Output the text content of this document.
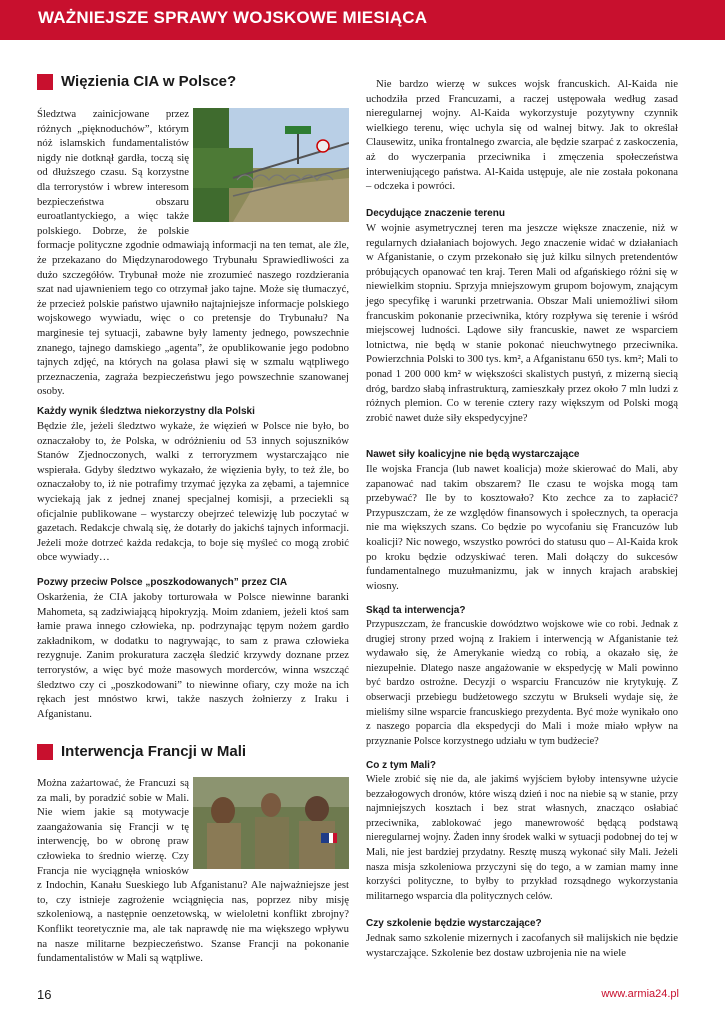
WAŻNIEJSZE SPRAWY WOJSKOWE MIESIĄCA
Więzienia CIA w Polsce?

Śledztwa zainicjowane przez różnych „pięknoduchów”, którym nóż islamskich fundamentalistów nigdy nie dotknął gardła, toczą się od dłuższego czasu. Są korzystne dla terrorystów i wbrew interesom bezpieczeństwa obszaru euroatlantyckiego, a więc także polskiego. Dobrze, że polskie formacje polityczne zgodnie odmawiają informacji na ten temat, ale źle, że przekazano do Międzynarodowego Trybunału Sprawiedliwości za dużo szczegółów. Trybunał może nie zrozumieć naszego rozdzierania szat nad ujawnieniem tego co otrzymał jako tajne. Może się tłumaczyć, że przecież polskie państwo ujawniło najtajniejsze informacje polskiego wojskowego wywiadu, więc o co pretensje do Trybunału? Na marginesie tej sytuacji, zabawne były lamenty jednego, powszechnie znanego, tajnego damskiego „agenta”, że opublikowanie jego podobno tajnych zdjęć, na których na golasa pławi się w szmalu wątpliwego przeznaczenia, zagraża bezpieczeństwu jego powszechnie szanowanej osoby.
Każdy wynik śledztwa niekorzystny dla Polski
Będzie źle, jeżeli śledztwo wykaże, że więzień w Polsce nie było, bo oznaczałoby to, że Polska, w odróżnieniu od 53 innych sojuszników Stanów Zjednoczonych, walki z terroryzmem wystarczająco nie wspierała. Gdyby śledztwo wykazało, że więzienia były, to też źle, bo oznaczałoby to, iż nie potrafimy trzymać języka za zębami, a tajemnice wyciekają jak z jednej znanej specjalnej komisji, a przeciekli są oficjalnie publikowane – wystarczy obejrzeć telewizję lub poczytać w gazetach. Redakcje chwalą się, że dotarły do jakichś tajnych informacji. Jeżeli może dotrzeć każda redakcja, to boje się myśleć co mogą zrobić obce wywiady…
Pozwy przeciw Polsce „poszkodowanych” przez CIA
Oskarżenia, że CIA jakoby torturowała w Polsce niewinne baranki Mahometa, są zadziwiającą hipokryzją. Moim zdaniem, jeżeli ktoś sam łamie prawa innego człowieka, np. podrzynając tępym nożem gardło zakładnikom, w dodatku to nagrywając, to sam z prawa człowieka rezygnuje. Zanim prokuratura zaczęła śledzić krzywdy doznane przez terrorystów, a więc być może masowych morderców, winna wszcząć śledztwo czy ci „poszkodowani” to niewinne ofiary, czy może na ich rękach jest mnóstwo krwi, także naszych żołnierzy z Iraku i Afganistanu.
Interwencja Francji w Mali
Można zażartować, że Francuzi są za mali, by poradzić sobie w Mali. Nie wiem jakie są motywacje zaangażowania się Francji w tę interwencję, bo w obronę praw człowieka to średnio wierzę. Czy Francja nie wyciągnęła wniosków z Indochin, Kanału Sueskiego lub Afganistanu? Ale najważniejsze jest to, czy istnieje zagrożenie wciągnięcia nas, poprzez niby misję szkoleniową, a następnie oenzetowską, w wieloletni konflikt zbrojny? Konflikt teoretycznie ma, ale tak naprawdę nie ma większego wpływu na nasze militarne bezpieczeństwo. Szanse Francji na pokonanie fundamentalistów w Mali są wątpliwe.
Nie bardzo wierzę w sukces wojsk francuskich. Al-Kaida nie uchodziła przed Francuzami, a raczej ustępowała według zasad nieregularnej wojny. Al-Kaida wykorzystuje pozytywny czynnik wielkiego terenu, więc uchyla się od walnej bitwy. Jak to określał Clausewitz, unika frontalnego zwarcia, ale będzie szarpać z zaskoczenia, aż do wyczerpania przeciwnika i zmęczenia społeczeństwa interweniującego państwa. Al-Kaida ustępuje, ale nie została pokonana – odczeka i powróci.
Decydujące znaczenie terenu
W wojnie asymetrycznej teren ma jeszcze większe znaczenie, niż w regularnych działaniach bojowych. Jego znaczenie widać w działaniach w Afganistanie, o czym przekonało się już kilku silnych pretendentów próbujących opanować ten kraj. Teren Mali od afgańskiego różni się w niewielkim stopniu. Sprzyja mniejszowym grupom bojowym, znającym jego specyfikę i warunki przetrwania. Obszar Mali uniemożliwi siłom francuskim pokonanie przeciwnika, który rozpływa się terenie i wśród miejscowej ludności. Lądowe siły francuskie, nawet ze wsparciem lotnictwa, nie będą w stanie pokonać nieuchwytnego przeciwnika. Powierzchnia Polski to 300 tys. km², a Afganistanu 650 tys. km²; Mali to ponad 1 200 000 km² w większości skalistych pustyń, z mizerną siecią dróg, bardzo słabą infrastrukturą, zamieszkały przez około 7 mln ludzi z różnych plemion. Co w terenie cztery razy większym od Polski mogą zrobić nawet duże siły ekspedycyjne?
Nawet siły koalicyjne nie będą wystarczające
Ile wojska Francja (lub nawet koalicja) może skierować do Mali, aby zapanować nad takim obszarem? Ile czasu te wojska mogą tam przebywać? Ile by to kosztowało? Kto zechce za to zapłacić? Przypuszczam, że ze względów finansowych i społecznych, ta operacja nie ma większych szans. Co będzie po wycofaniu się Francuzów lub koalicji? Nic nowego, wszystko powróci do statusu quo – Al-Kaida krok po kroku będzie odzyskiwać teren. Mali dołączy do sukcesów fundamentalnego muzułmanizmu, jak w innych krajach arabskiej wiosny.
Skąd ta interwencja?
Przypuszczam, że francuskie dowództwo wojskowe wie co robi. Jednak z drugiej strony przed wojną z Irakiem i interwencją w Afganistanie też wydawało się, że Amerykanie wiedzą co robią, a okazało się, że niezupełnie. Dlatego nasze angażowanie w ekspedycję w Mali powinno być bardzo ostrożne. Decyzji o wsparciu Francuzów nie krytykuję. Z obserwacji przebiegu budżetowego szczytu w Brukseli wydaje się, że mieliśmy silne wsparcie francuskiego prezydenta. Być może wynikało ono z naszego poparcia dla ekspedycji do Mali i może miało wpływ na przyznanie Polsce korzystnego udziału w tym budżecie?
Co z tym Mali?
Wiele zrobić się nie da, ale jakimś wyjściem byłoby intensywne użycie bezzałogowych dronów, które wiszą dzień i noc na niebie są w stanie, przy najmniejszych kosztach i bez strat własnych, znacząco osłabiać przeciwnika, zablokować jego manewrowość będącą podstawą nieregularnej wojny. Żaden inny środek walki w sytuacji podobnej do tej w Mali, nie jest bardziej przydatny. Resztę muszą wykonać siły Mali. Jeżeli nasza misja szkoleniowa przyczyni się do tego, a w zamian mamy inne korzyści polityczne, to byłby to przykład rozsądnego wykorzystania militarnego wsparcia dla politycznych celów.
Czy szkolenie będzie wystarczające?
Jednak samo szkolenie mizernych i zacofanych sił malijskich nie będzie wystarczające. Szkolenie bez dostaw uzbrojenia nie na wiele
16	www.armia24.pl
